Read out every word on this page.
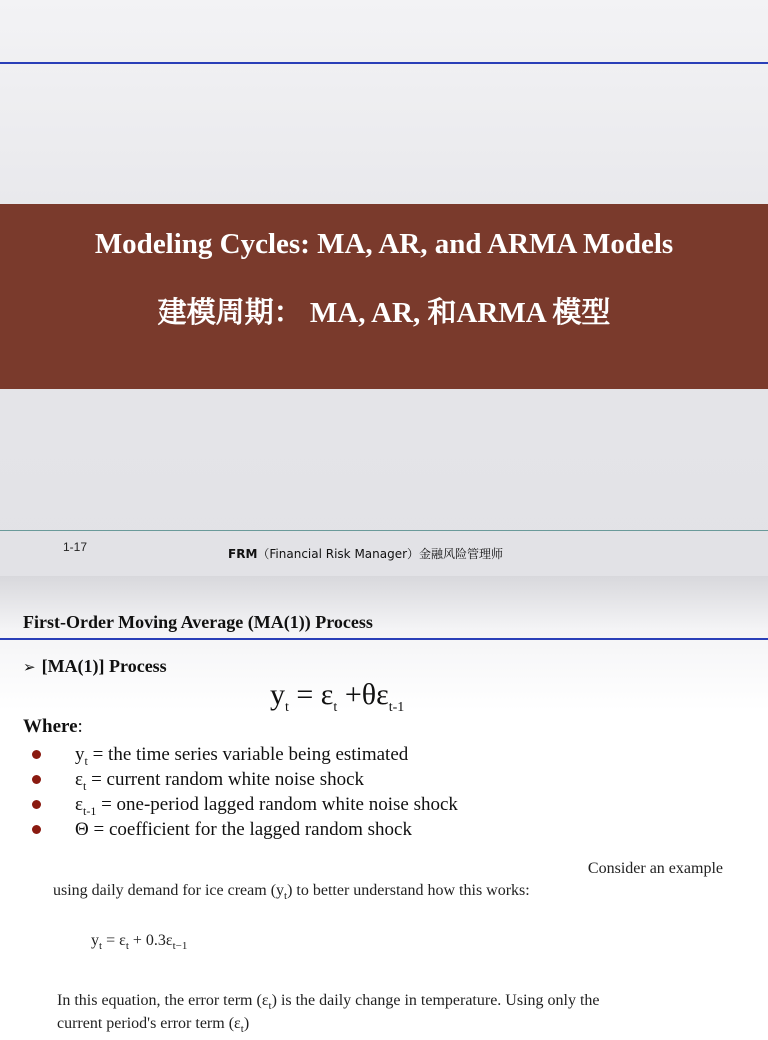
Modeling Cycles: MA, AR, and ARMA Models
建模周期： MA, AR, 和ARMA 模型
1-17	FRM（Financial Risk Manager）金融风险管理师
First-Order Moving Average (MA(1)) Process
➢ [MA(1)] Process
$y_t = \varepsilon_t +\theta\varepsilon_{t-1}$
Where:
$y_t$ = the time series variable being estimated
$\varepsilon_t$ = current random white noise shock
$\varepsilon_{t-1}$ = one-period lagged random white noise shock
Θ = coefficient for the lagged random shock
Consider an example
using daily demand for ice cream $(y_t)$ to better understand how this works:
$y_t = \varepsilon_t + 0.3\varepsilon_{t-1}$
In this equation, the error term $(\varepsilon_t)$ is the daily change in temperature. Using only the
current period's error term $(\varepsilon_t)$
